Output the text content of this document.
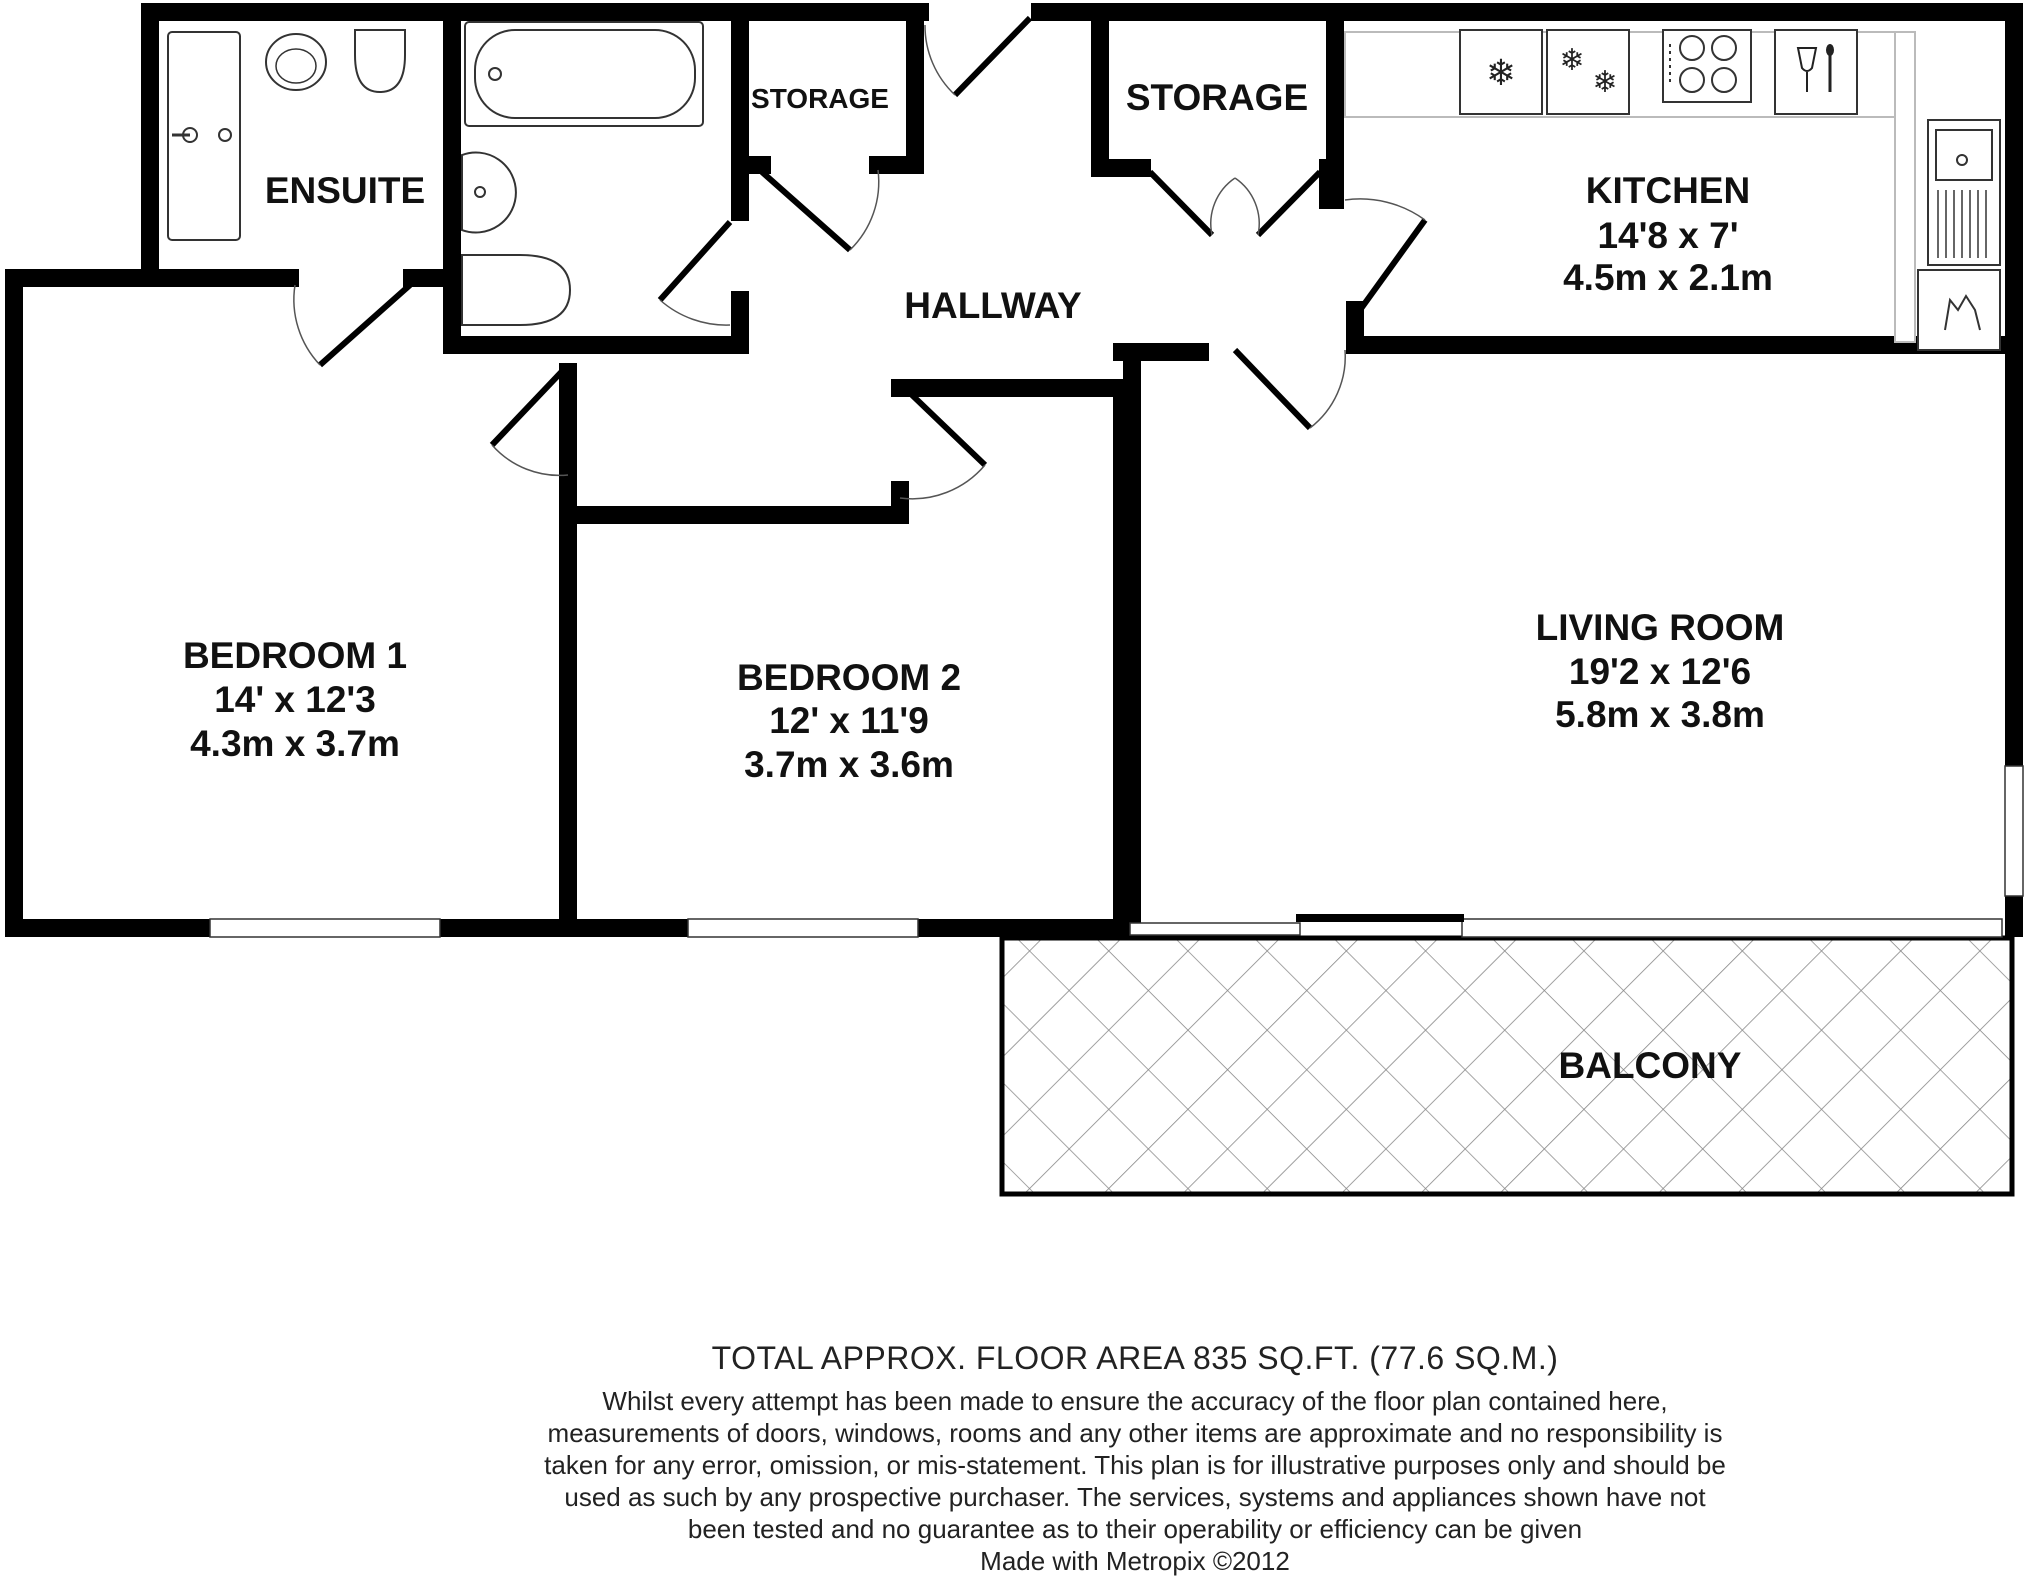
❄ ❄
❄
ENSUITE
STORAGE	STORAGE
HALLWAY
KITCHEN
14'8 x 7'
4.5m x 2.1m
BEDROOM 1
14' x 12'3
4.3m x 3.7m
BEDROOM 2
12' x 11'9
3.7m x 3.6m
LIVING ROOM
19'2 x 12'6
5.8m x 3.8m
BALCONY
TOTAL APPROX. FLOOR AREA 835 SQ.FT. (77.6 SQ.M.)
Whilst every attempt has been made to ensure the accuracy of the floor plan contained here, measurements of doors, windows, rooms and any other items are approximate and no responsibility is taken for any error, omission, or mis-statement. This plan is for illustrative purposes only and should be used as such by any prospective purchaser. The services, systems and appliances shown have not been tested and no guarantee as to their operability or efficiency can be given
Made with Metropix ©2012
